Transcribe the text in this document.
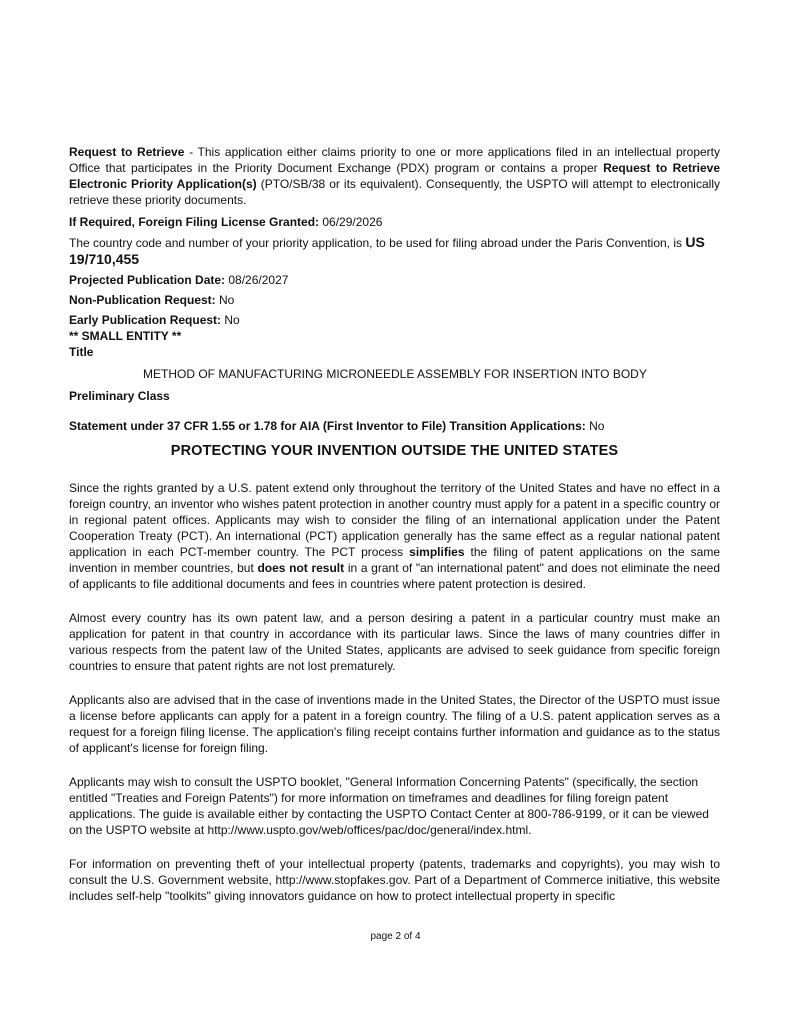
Request to Retrieve - This application either claims priority to one or more applications filed in an intellectual property Office that participates in the Priority Document Exchange (PDX) program or contains a proper Request to Retrieve Electronic Priority Application(s) (PTO/SB/38 or its equivalent). Consequently, the USPTO will attempt to electronically retrieve these priority documents.

If Required, Foreign Filing License Granted: 06/29/2026

The country code and number of your priority application, to be used for filing abroad under the Paris Convention, is US 19/710,455

Projected Publication Date: 08/26/2027

Non-Publication Request: No

Early Publication Request: No

** SMALL ENTITY **

Title

METHOD OF MANUFACTURING MICRONEEDLE ASSEMBLY FOR INSERTION INTO BODY

Preliminary Class

Statement under 37 CFR 1.55 or 1.78 for AIA (First Inventor to File) Transition Applications: No

PROTECTING YOUR INVENTION OUTSIDE THE UNITED STATES

Since the rights granted by a U.S. patent extend only throughout the territory of the United States and have no effect in a foreign country, an inventor who wishes patent protection in another country must apply for a patent in a specific country or in regional patent offices. Applicants may wish to consider the filing of an international application under the Patent Cooperation Treaty (PCT). An international (PCT) application generally has the same effect as a regular national patent application in each PCT-member country. The PCT process simplifies the filing of patent applications on the same invention in member countries, but does not result in a grant of "an international patent" and does not eliminate the need of applicants to file additional documents and fees in countries where patent protection is desired.

Almost every country has its own patent law, and a person desiring a patent in a particular country must make an application for patent in that country in accordance with its particular laws. Since the laws of many countries differ in various respects from the patent law of the United States, applicants are advised to seek guidance from specific foreign countries to ensure that patent rights are not lost prematurely.

Applicants also are advised that in the case of inventions made in the United States, the Director of the USPTO must issue a license before applicants can apply for a patent in a foreign country. The filing of a U.S. patent application serves as a request for a foreign filing license. The application's filing receipt contains further information and guidance as to the status of applicant's license for foreign filing.

Applicants may wish to consult the USPTO booklet, "General Information Concerning Patents" (specifically, the section entitled "Treaties and Foreign Patents") for more information on timeframes and deadlines for filing foreign patent applications. The guide is available either by contacting the USPTO Contact Center at 800-786-9199, or it can be viewed on the USPTO website at http://www.uspto.gov/web/offices/pac/doc/general/index.html.

For information on preventing theft of your intellectual property (patents, trademarks and copyrights), you may wish to consult the U.S. Government website, http://www.stopfakes.gov. Part of a Department of Commerce initiative, this website includes self-help "toolkits" giving innovators guidance on how to protect intellectual property in specific

page 2 of 4
